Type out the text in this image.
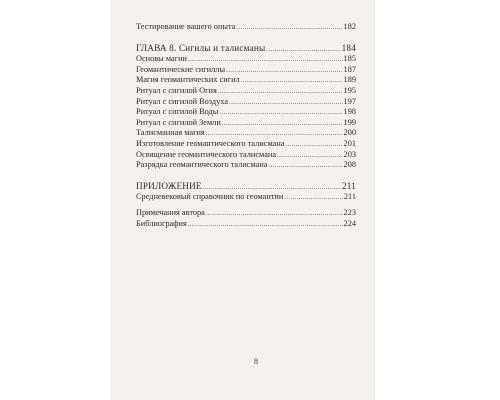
Тестирование вашего опыта .....	182
ГЛАВА 8. Сигилы и талисманы .....	184
Основы магии .....	185
Геомантические сигиллы .....	187
Магия геомантических сигил .....	189
Ритуал с сигилой Огня .....	195
Ритуал с сигилой Воздуха .....	197
Ритуал с сигилой Воды .....	198
Ритуал с сигилой Земли .....	199
Талисманная магия .....	200
Изготовление геомантического талисмана .....	201
Освящение геомантического талисмана .....	203
Разрядка геомантического талисмана .....	208
ПРИЛОЖЕНИЕ .....	211
Средневековый справочник по геомантии .....	211
Примечания автора .....	223
Библиография .....	224
8
